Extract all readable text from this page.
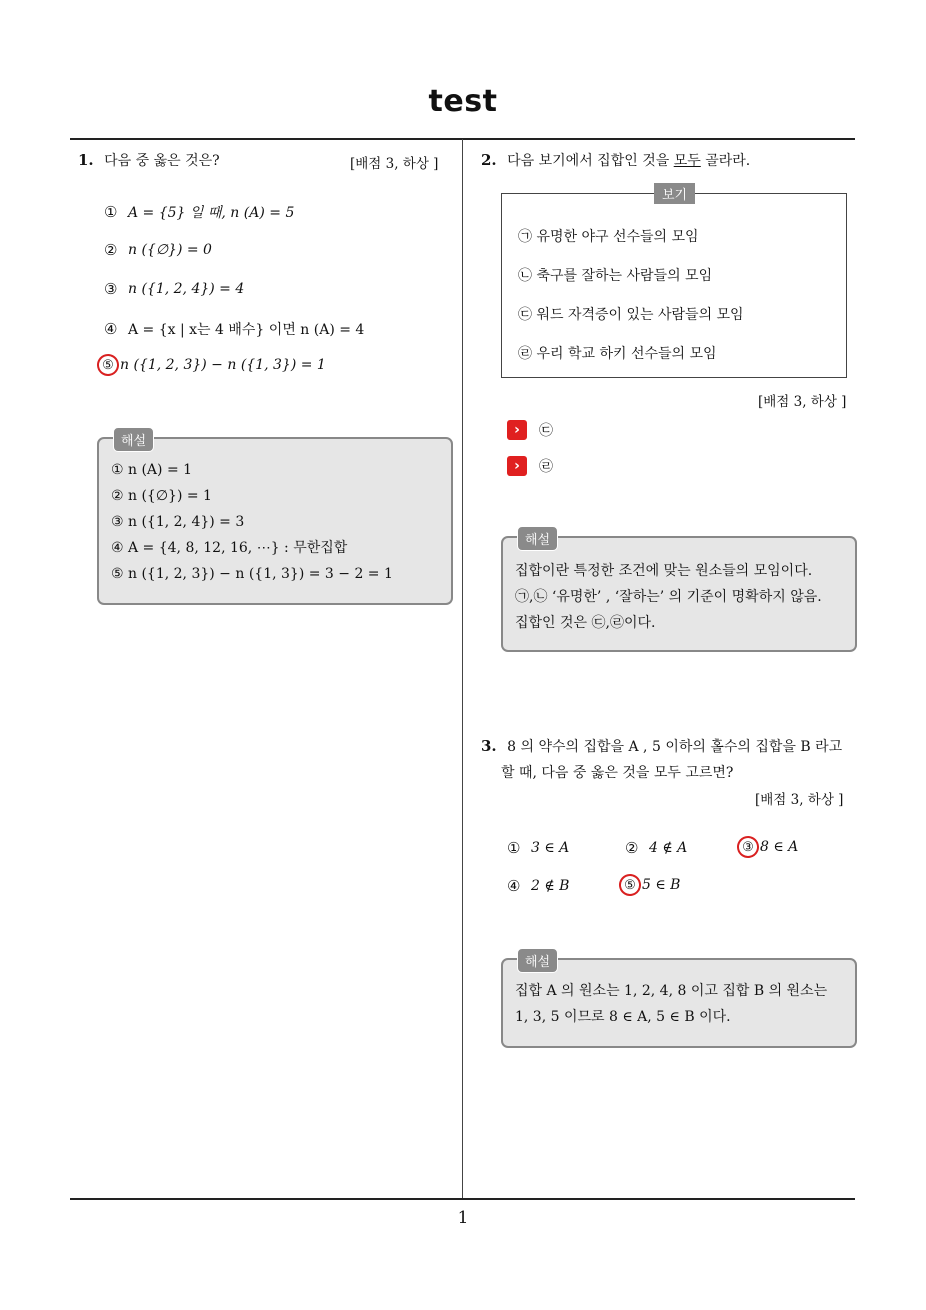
test
1
1. 다음 중 옳은 것은?	[배점 3, 하상 ]
① A = {5} 일 때, n (A) = 5
② n ({∅}) = 0
③ n ({1, 2, 4}) = 4
④ A = {x | x는 4 배수} 이면 n (A) = 4
⑤ n ({1, 2, 3}) − n ({1, 3}) = 1
해설
① n (A) = 1
② n ({∅}) = 1
③ n ({1, 2, 4}) = 3
④ A = {4, 8, 12, 16, ⋯} : 무한집합
⑤ n ({1, 2, 3}) − n ({1, 3}) = 3 − 2 = 1
2. 다음 보기에서 집합인 것을 모두 골라라.
보기
㉠ 유명한 야구 선수들의 모임
㉡ 축구를 잘하는 사람들의 모임
㉢ 워드 자격증이 있는 사람들의 모임
㉣ 우리 학교 하키 선수들의 모임
[배점 3, 하상 ]
›	㉢
›	㉣
해설
집합이란 특정한 조건에 맞는 원소들의 모임이다.
㉠,㉡ ‘유명한’ , ‘잘하는’ 의 기준이 명확하지 않음.
집합인 것은 ㉢,㉣이다.
3. 8 의 약수의 집합을 A , 5 이하의 홀수의 집합을 B 라고
할 때, 다음 중 옳은 것을 모두 고르면?
[배점 3, 하상 ]
① 3 ∈ A	② 4 ∉ A	③ 8 ∈ A
④ 2 ∉ B	⑤ 5 ∈ B
해설
집합 A 의 원소는 1, 2, 4, 8 이고 집합 B 의 원소는
1, 3, 5 이므로 8 ∈ A, 5 ∈ B 이다.
